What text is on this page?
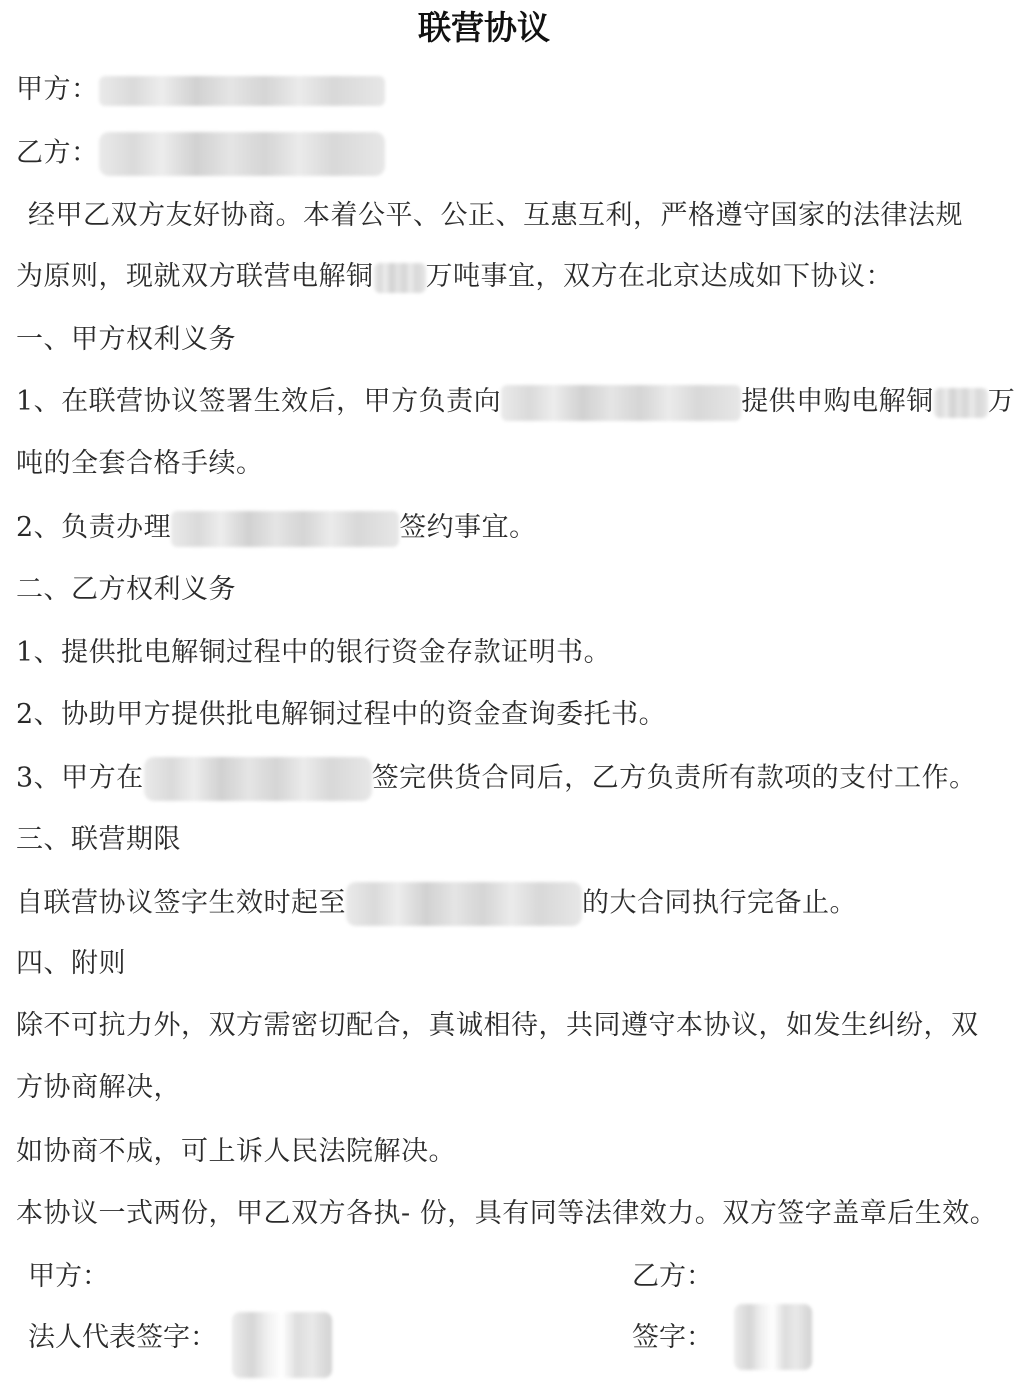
联营协议
甲方：
乙方：
经甲乙双方友好协商。本着公平、公正、互惠互利，严格遵守国家的法律法规
为原则，现就双方联营电解铜 万吨事宜，双方在北京达成如下协议：
一、甲方权利义务
1、在联营协议签署生效后，甲方负责向	提供申购电解铜 万
吨的全套合格手续。
2、负责办理	签约事宜。
二、乙方权利义务
1、提供批电解铜过程中的银行资金存款证明书。
2、协助甲方提供批电解铜过程中的资金查询委托书。
3、甲方在	签完供货合同后，乙方负责所有款项的支付工作。
三、联营期限
自联营协议签字生效时起至	的大合同执行完备止。
四、附则
除不可抗力外，双方需密切配合，真诚相待，共同遵守本协议，如发生纠纷，双
方协商解决，
如协商不成，可上诉人民法院解决。
本协议一式两份，甲乙双方各执- 份，具有同等法律效力。双方签字盖章后生效。
甲方：	乙方：
法人代表签字：	签字：
